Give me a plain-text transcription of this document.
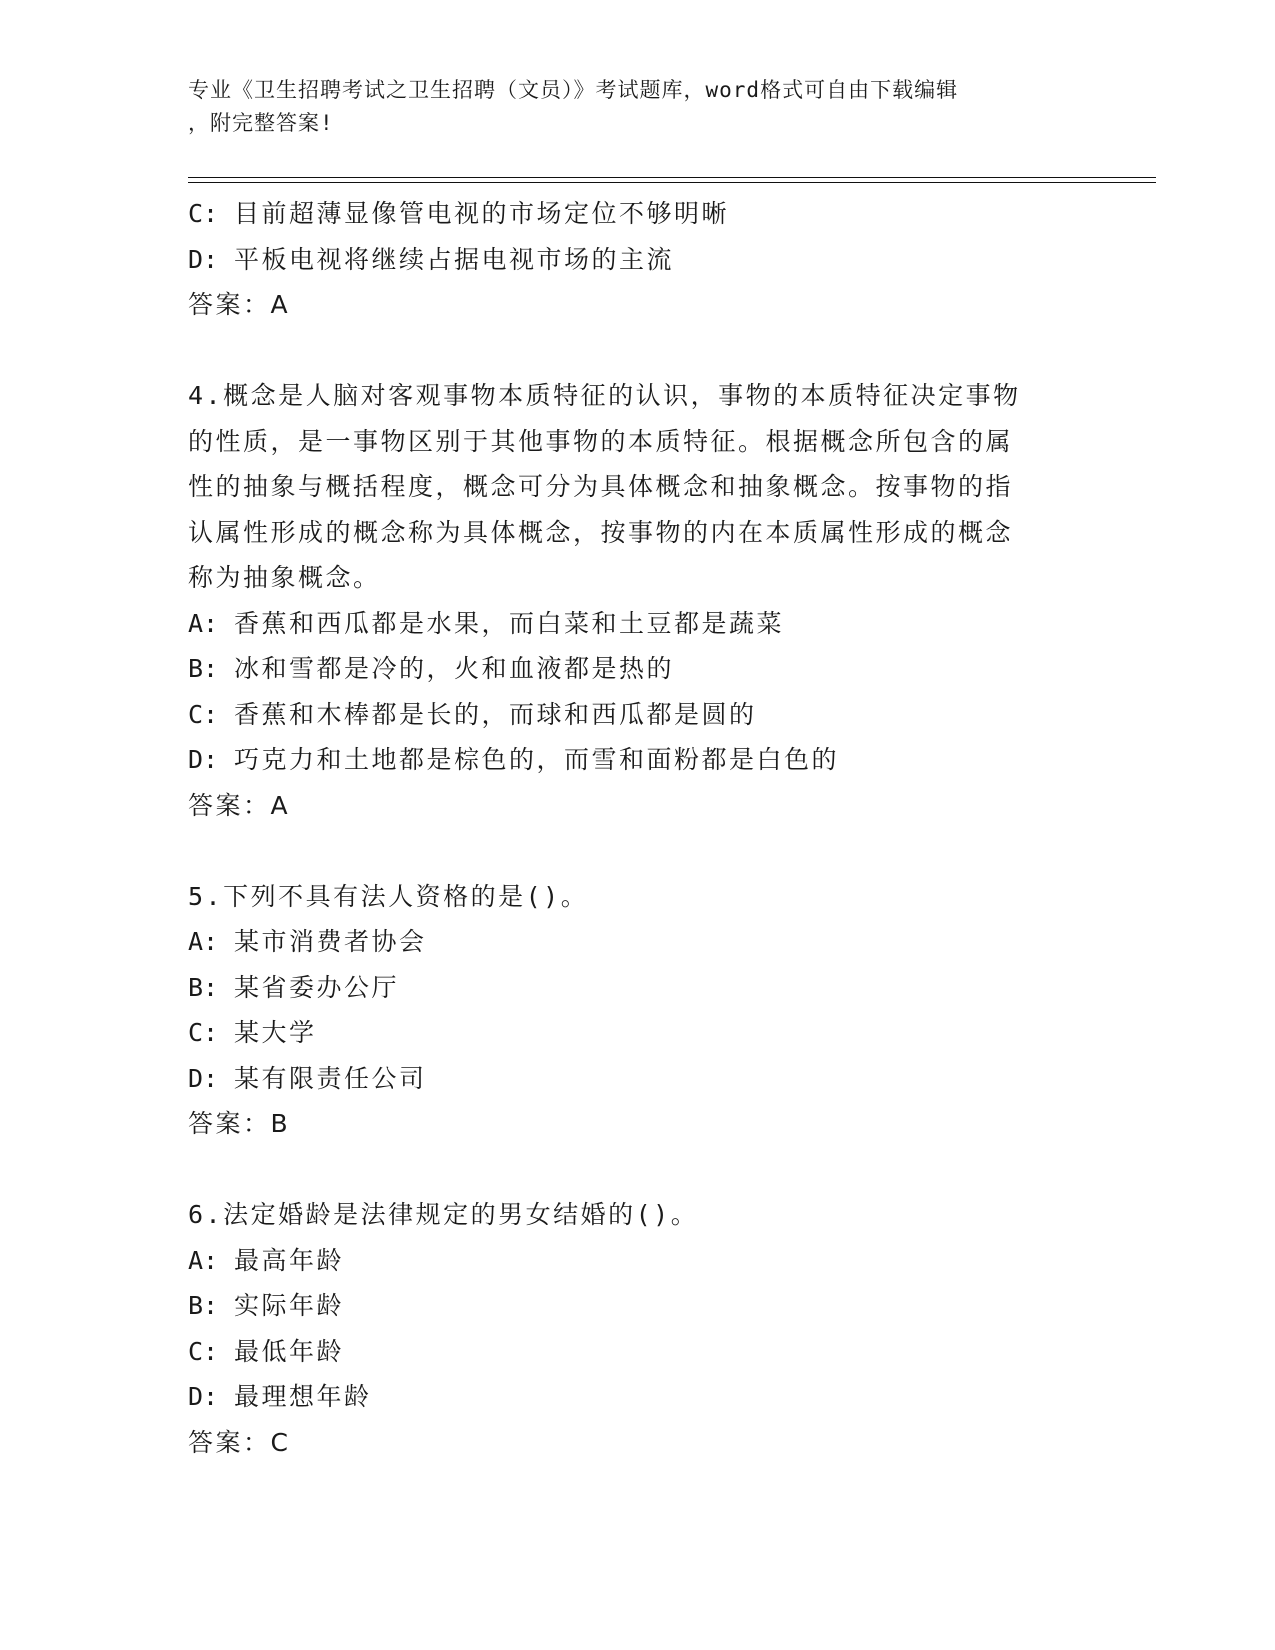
专业《卫生招聘考试之卫生招聘（文员）》考试题库，word格式可自由下载编辑
，附完整答案!
C: 目前超薄显像管电视的市场定位不够明晰
D: 平板电视将继续占据电视市场的主流
答案：A
4.概念是人脑对客观事物本质特征的认识，事物的本质特征决定事物
的性质，是一事物区别于其他事物的本质特征。根据概念所包含的属
性的抽象与概括程度，概念可分为具体概念和抽象概念。按事物的指
认属性形成的概念称为具体概念，按事物的内在本质属性形成的概念
称为抽象概念。
A: 香蕉和西瓜都是水果，而白菜和土豆都是蔬菜
B: 冰和雪都是冷的，火和血液都是热的
C: 香蕉和木棒都是长的，而球和西瓜都是圆的
D: 巧克力和土地都是棕色的，而雪和面粉都是白色的
答案：A
5.下列不具有法人资格的是()。
A: 某市消费者协会
B: 某省委办公厅
C: 某大学
D: 某有限责任公司
答案：B
6.法定婚龄是法律规定的男女结婚的()。
A: 最高年龄
B: 实际年龄
C: 最低年龄
D: 最理想年龄
答案：C
